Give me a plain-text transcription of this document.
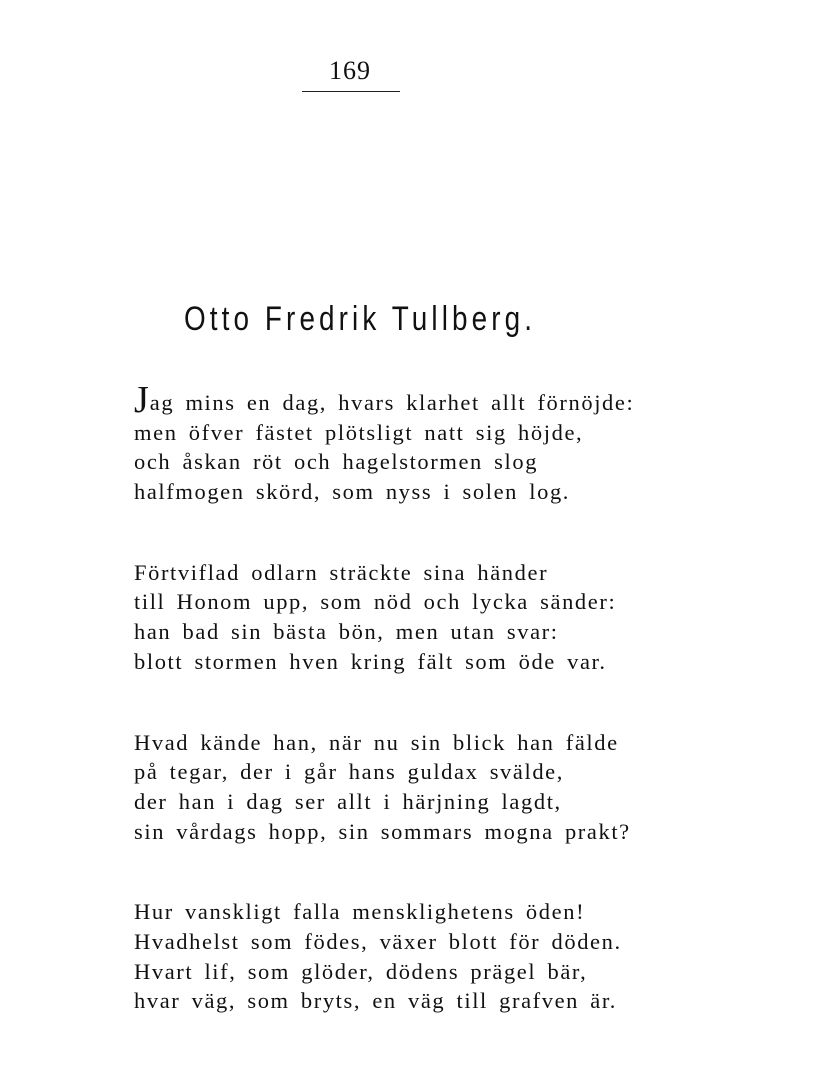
169
Otto Fredrik Tullberg.
Jag mins en dag, hvars klarhet allt förnöjde:
men öfver fästet plötsligt natt sig höjde,
och åskan röt och hagelstormen slog
halfmogen skörd, som nyss i solen log.
Förtviflad odlarn sträckte sina händer
till Honom upp, som nöd och lycka sänder:
han bad sin bästa bön, men utan svar:
blott stormen hven kring fält som öde var.
Hvad kände han, när nu sin blick han fälde
på tegar, der i går hans guldax svälde,
der han i dag ser allt i härjning lagdt,
sin vårdags hopp, sin sommars mogna prakt?
Hur vanskligt falla mensklighetens öden!
Hvadhelst som födes, växer blott för döden.
Hvart lif, som glöder, dödens prägel bär,
hvar väg, som bryts, en väg till grafven är.
